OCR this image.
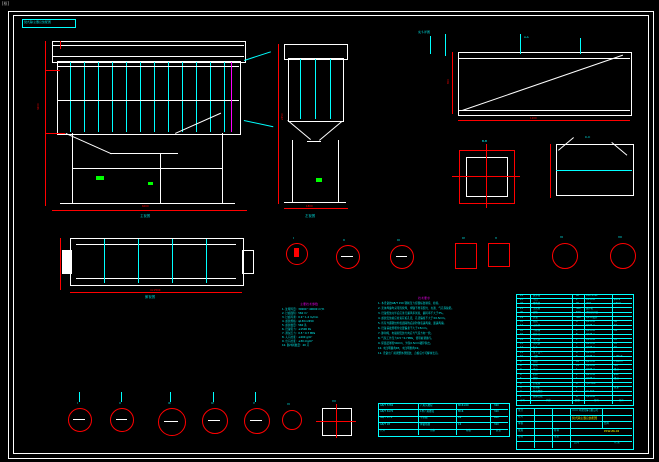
[框]
袋式除尘器总装配图
主视图	左视图
灰斗详图
A-A
俯视图
B-B
C-C
I	II	III	IV	V	VI	VII
I	II	III	IV	V	VI
VII
主要技术参数
1. 处理风量：30000～40000 m³/h
2. 过滤面积：560 m²
3. 过滤风速：0.9～1.2 m/min
4. 滤袋规格：φ130×2450
5. 滤袋数量：560 条
6. 设备阻力：≤1500 Pa
7. 清灰压力：0.5～0.7 MPa
8. 入口浓度：≤200 g/m³
9. 出口浓度：≤30 mg/m³
10. 脉冲阀数量：40 只
技术要求
1. 本设备按GB/T 150 钢制压力容器标准制造、检验。
2. 壳体焊缝均采用连续焊，焊缝不得有裂纹、夹渣、气孔等缺陷。
3. 设备组装完毕后应进行漏风率试验，漏风率不大于3%。
4. 滤袋安装前应检查花板孔径，孔径偏差不大于±0.5mm。
5. 所有外露钢结构表面除锈后涂防锈底漆两遍，面漆两遍。
6. 设备基础预埋件位置偏差不大于±5mm。
7. 脉冲阀、电磁阀安装方向应与气流方向一致。
8. 气包工作压力0.5～0.7MPa，使用前须排污。
9. 保温层厚度50mm，外包0.5mm镀锌铁皮。
10. 未注明圆角R3，未注明倒角C2。
11. 设备出厂前须整体预组装，合格后方可解体发运。
24	脉冲阀	40	DMF-Z-62
23	气包	2	Q235-A	φ219
22	喷吹管	40	20#	φ33.5
21	文氏管	560 镀锌板
20	滤袋	560 涤纶针刺毡
19	袋笼	560 Q235镀锌
18	花板	8	Q235-A	δ6
17	上箱体	1	Q235-A	δ4
16	中箱体	1	Q235-A	δ4
15	检修门	8	Q235-A
14	进风道	1	Q235-A	δ5
13	出风道	1	Q235-A	δ5
12	灰斗	4	Q235-A	δ5
11	灰斗法兰	4	Q235-A
10	支腿	8	Q235-A	∟75×6
9	斜撑	16	Q235-A	∟63×5
8	横梁	12	Q235-A	I16
7	平台	1	Q235-A	组合
6	栏杆	1	Q235-A	φ32
5	爬梯	1	Q235-A	组合
4	卸灰阀	4	YJD-300
3	控制柜	1	成套
2	输灰螺旋	1	LS-250
1	检修盖板	8	Q235-A
序号	名称	数量	材料	备注
GB/T 5782	六角头螺栓	M16×60	320
GB/T 6170	1型六角螺母	M16	320
GB/T 97.1	平垫圈	16	640
GB/T 93	弹簧垫圈	16	320
代号	名称	规格	数量
设计
校对
审核
批准
日期
××× 环保设备有限公司
袋式除尘器总装配图
材料
重量
图号
PXW-ZK-02
比例	共 张
6000
3200
2450
1800
4×2500
1200
800
